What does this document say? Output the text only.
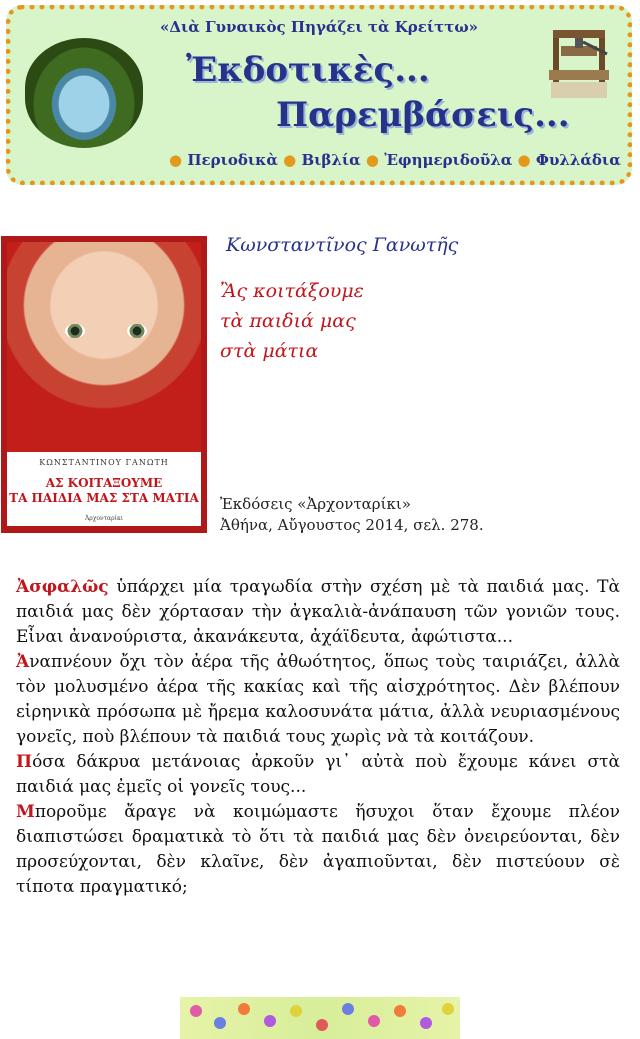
«Διὰ Γυναικὸς Πηγάζει τὰ Κρείττω»
Ἐκδοτικὲς...
Παρεμβάσεις...
● Περιοδικὰ ● Βιβλία ● Ἐφημεριδοῦλα ● Φυλλάδια
ΚΩΝΣΤΑΝΤΙΝΟΥ ΓΑΝΩΤΗ
ΑΣ ΚΟΙΤΑΞΟΥΜΕ
ΤΑ ΠΑΙΔΙΑ ΜΑΣ ΣΤΑ ΜΑΤΙΑ
Ἀρχονταρίκι
Κωνσταντῖνος Γανωτῆς
Ἂς κοιτάξουμε
τὰ παιδιά μας
στὰ μάτια
Ἐκδόσεις «Ἀρχονταρίκι»
Ἀθήνα, Αὔγουστος 2014, σελ. 278.

Ἀσφαλῶς ὑπάρχει μία τραγωδία στὴν σχέση μὲ τὰ παιδιά μας. Τὰ παιδιά μας δὲν χόρτασαν τὴν ἀγκαλιὰ-ἀνάπαυση τῶν γονιῶν τους. Εἶναι ἀνανούριστα, ἀκανάκευτα, ἀχάϊδευτα, ἀφώτιστα...

Ἀναπνέουν ὄχι τὸν ἀέρα τῆς ἀθωότητος, ὅπως τοὺς ταιριάζει, ἀλλὰ τὸν μολυσμένο ἀέρα τῆς κακίας καὶ τῆς αἰσχρότητος. Δὲν βλέπουν εἰρηνικὰ πρόσωπα μὲ ἤρεμα καλοσυνάτα μάτια, ἀλλὰ νευριασμένους γονεῖς, ποὺ βλέπουν τὰ παιδιά τους χωρὶς νὰ τὰ κοιτάζουν.

Πόσα δάκρυα μετάνοιας ἀρκοῦν γι᾽ αὐτὰ ποὺ ἔχουμε κάνει στὰ παιδιά μας ἐμεῖς οἱ γονεῖς τους...

Μποροῦμε ἄραγε νὰ κοιμώμαστε ἥσυχοι ὅταν ἔχουμε πλέον διαπιστώσει δραματικὰ τὸ ὅτι τὰ παιδιά μας δὲν ὀνειρεύονται, δὲν προσεύχονται, δὲν κλαῖνε, δὲν ἀγαπιοῦνται, δὲν πιστεύουν σὲ τίποτα πραγματικό;
